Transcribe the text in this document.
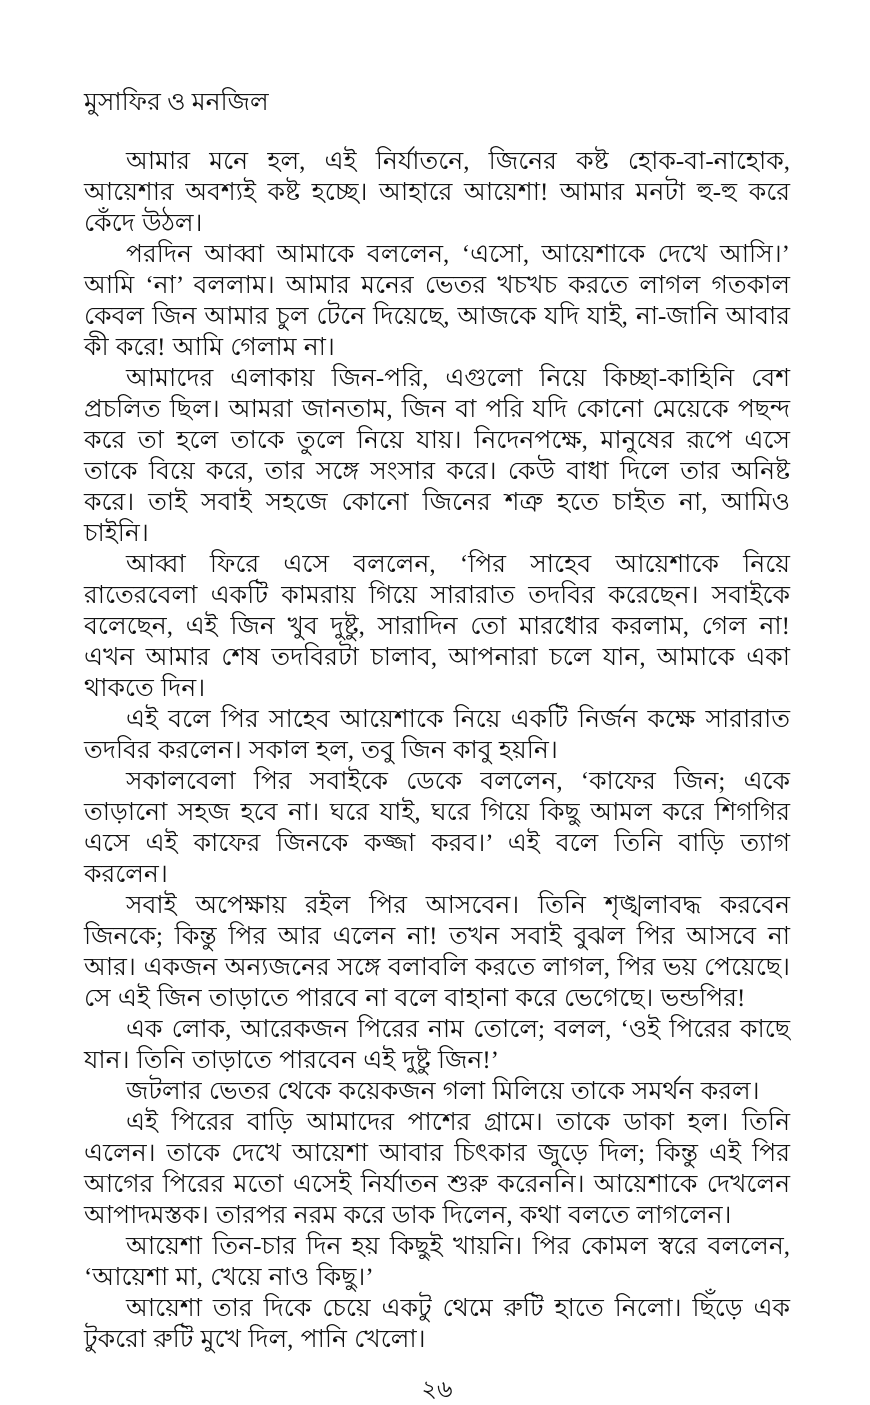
মুসাফির ও মনজিল

আমার মনে হল, এই নির্যাতনে, জিনের কষ্ট হোক-বা-নাহোক, আয়েশার অবশ্যই কষ্ট হচ্ছে। আহারে আয়েশা! আমার মনটা হু-হু করে কেঁদে উঠল।

পরদিন আব্বা আমাকে বললেন, ‘এসো, আয়েশাকে দেখে আসি।’ আমি ‘না’ বললাম। আমার মনের ভেতর খচখচ করতে লাগল গতকাল কেবল জিন আমার চুল টেনে দিয়েছে, আজকে যদি যাই, না-জানি আবার কী করে! আমি গেলাম না।

আমাদের এলাকায় জিন-পরি, এগুলো নিয়ে কিচ্ছা-কাহিনি বেশ প্রচলিত ছিল। আমরা জানতাম, জিন বা পরি যদি কোনো মেয়েকে পছন্দ করে তা হলে তাকে তুলে নিয়ে যায়। নিদেনপক্ষে, মানুষের রূপে এসে তাকে বিয়ে করে, তার সঙ্গে সংসার করে। কেউ বাধা দিলে তার অনিষ্ট করে। তাই সবাই সহজে কোনো জিনের শত্রু হতে চাইত না, আমিও চাইনি।

আব্বা ফিরে এসে বললেন, ‘পির সাহেব আয়েশাকে নিয়ে রাতেরবেলা একটি কামরায় গিয়ে সারারাত তদবির করেছেন। সবাইকে বলেছেন, এই জিন খুব দুষ্টু, সারাদিন তো মারধোর করলাম, গেল না! এখন আমার শেষ তদবিরটা চালাব, আপনারা চলে যান, আমাকে একা থাকতে দিন।

এই বলে পির সাহেব আয়েশাকে নিয়ে একটি নির্জন কক্ষে সারারাত তদবির করলেন। সকাল হল, তবু জিন কাবু হয়নি।

সকালবেলা পির সবাইকে ডেকে বললেন, ‘কাফের জিন; একে তাড়ানো সহজ হবে না। ঘরে যাই, ঘরে গিয়ে কিছু আমল করে শিগগির এসে এই কাফের জিনকে কজ্জা করব।’ এই বলে তিনি বাড়ি ত্যাগ করলেন।

সবাই অপেক্ষায় রইল পির আসবেন। তিনি শৃঙ্খলাবদ্ধ করবেন জিনকে; কিন্তু পির আর এলেন না! তখন সবাই বুঝল পির আসবে না আর। একজন অন্যজনের সঙ্গে বলাবলি করতে লাগল, পির ভয় পেয়েছে। সে এই জিন তাড়াতে পারবে না বলে বাহানা করে ভেগেছে। ভন্ডপির!

এক লোক, আরেকজন পিরের নাম তোলে; বলল, ‘ওই পিরের কাছে যান। তিনি তাড়াতে পারবেন এই দুষ্টু জিন!’

জটলার ভেতর থেকে কয়েকজন গলা মিলিয়ে তাকে সমর্থন করল।

এই পিরের বাড়ি আমাদের পাশের গ্রামে। তাকে ডাকা হল। তিনি এলেন। তাকে দেখে আয়েশা আবার চিৎকার জুড়ে দিল; কিন্তু এই পির আগের পিরের মতো এসেই নির্যাতন শুরু করেননি। আয়েশাকে দেখলেন আপাদমস্তক। তারপর নরম করে ডাক দিলেন, কথা বলতে লাগলেন।

আয়েশা তিন-চার দিন হয় কিছুই খায়নি। পির কোমল স্বরে বললেন, ‘আয়েশা মা, খেয়ে নাও কিছু।’

আয়েশা তার দিকে চেয়ে একটু থেমে রুটি হাতে নিলো। ছিঁড়ে এক টুকরো রুটি মুখে দিল, পানি খেলো।

২৬
